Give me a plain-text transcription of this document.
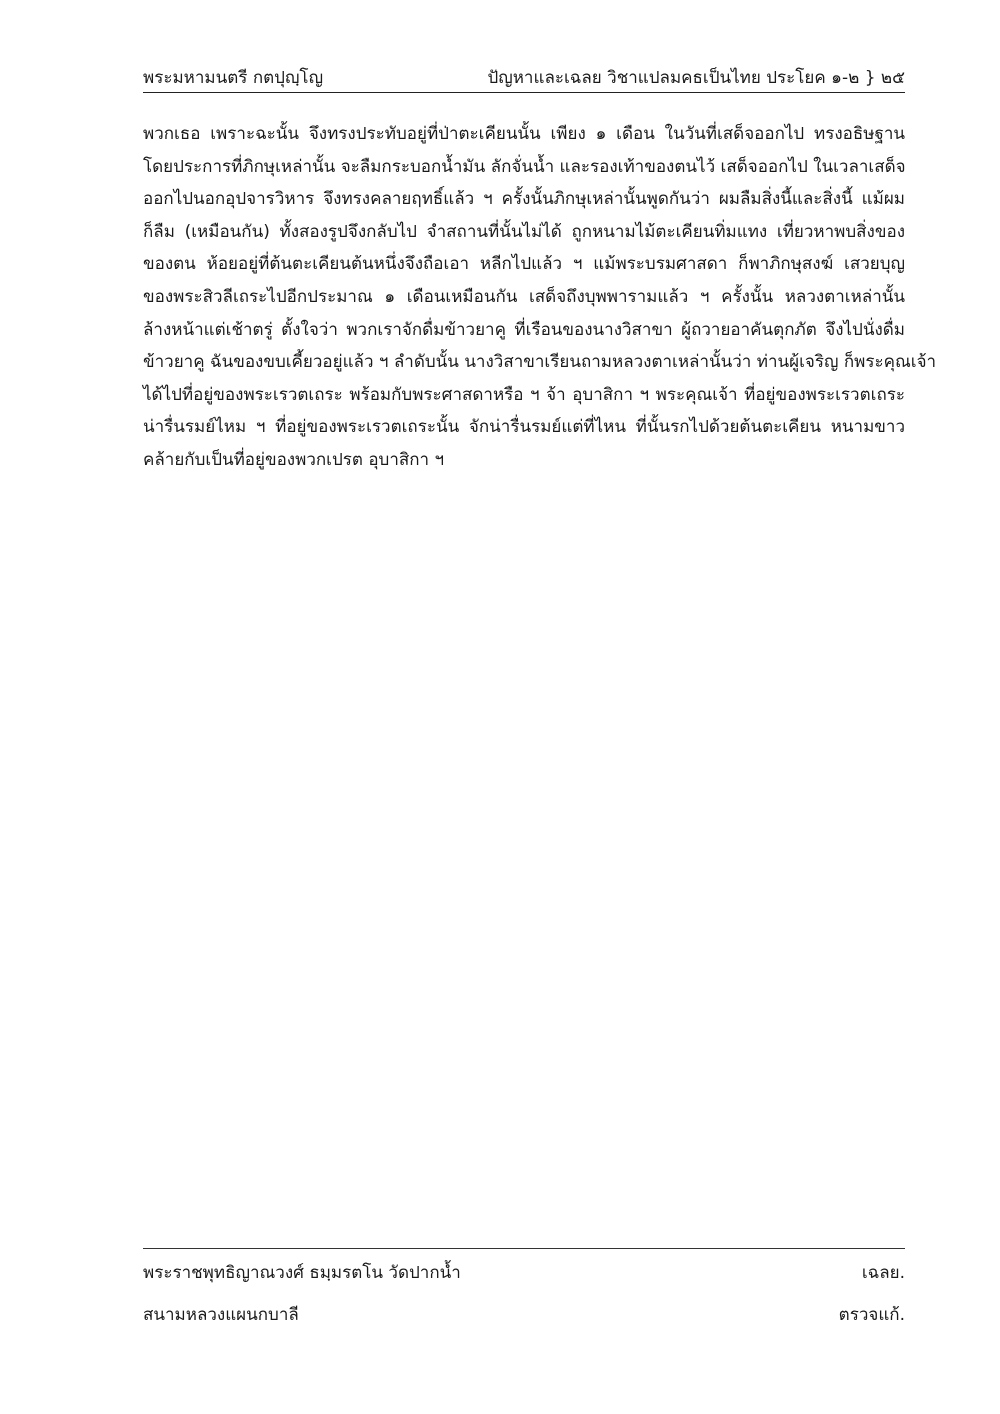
พระมหามนตรี กตปุญฺโญ	ปัญหาและเฉลย วิชาแปลมคธเป็นไทย ประโยค ๑-๒ } ๒๕
พวกเธอ เพราะฉะนั้น จึงทรงประทับอยู่ที่ป่าตะเคียนนั้น เพียง ๑ เดือน ในวันที่เสด็จออกไป ทรงอธิษฐาน
โดยประการที่ภิกษุเหล่านั้น จะลืมกระบอกน้ำมัน ลักจั่นน้ำ และรองเท้าของตนไว้ เสด็จออกไป ในเวลาเสด็จ
ออกไปนอกอุปจารวิหาร จึงทรงคลายฤทธิ์แล้ว ฯ ครั้งนั้นภิกษุเหล่านั้นพูดกันว่า ผมลืมสิ่งนี้และสิ่งนี้ แม้ผม
ก็ลืม (เหมือนกัน) ทั้งสองรูปจึงกลับไป จำสถานที่นั้นไม่ได้ ถูกหนามไม้ตะเคียนทิ่มแทง เที่ยวหาพบสิ่งของ
ของตน ห้อยอยู่ที่ต้นตะเคียนต้นหนึ่งจึงถือเอา หลีกไปแล้ว ฯ แม้พระบรมศาสดา ก็พาภิกษุสงฆ์ เสวยบุญ
ของพระสิวลีเถระไปอีกประมาณ ๑ เดือนเหมือนกัน เสด็จถึงบุพพารามแล้ว ฯ ครั้งนั้น หลวงตาเหล่านั้น
ล้างหน้าแต่เช้าตรู่ ตั้งใจว่า พวกเราจักดื่มข้าวยาคู ที่เรือนของนางวิสาขา ผู้ถวายอาคันตุกภัต จึงไปนั่งดื่ม
ข้าวยาคู ฉันของขบเคี้ยวอยู่แล้ว ฯ ลำดับนั้น นางวิสาขาเรียนถามหลวงตาเหล่านั้นว่า ท่านผู้เจริญ ก็พระคุณเจ้า
ได้ไปที่อยู่ของพระเรวตเถระ พร้อมกับพระศาสดาหรือ ฯ จ้า อุบาสิกา ฯ พระคุณเจ้า ที่อยู่ของพระเรวตเถระ
น่ารื่นรมย์ไหม ฯ ที่อยู่ของพระเรวตเถระนั้น จักน่ารื่นรมย์แต่ที่ไหน ที่นั้นรกไปด้วยต้นตะเคียน หนามขาว
คล้ายกับเป็นที่อยู่ของพวกเปรต อุบาสิกา ฯ
พระราชพุทธิญาณวงศ์ ธมฺมรตโน วัดปากน้ำ	เฉลย.
สนามหลวงแผนกบาลี	ตรวจแก้.
